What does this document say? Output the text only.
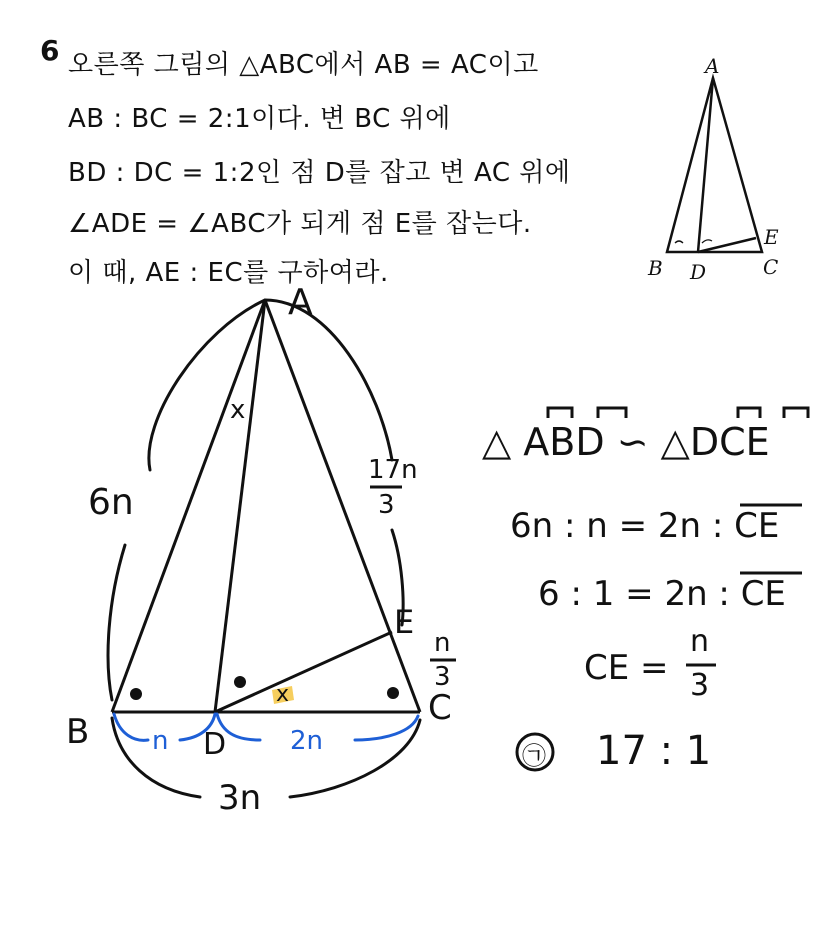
6 오른쪽 그림의 △ABC에서 AB = AC이고
AB : BC = 2:1이다. 변 BC 위에
BD : DC = 1:2인 점 D를 잡고 변 AC 위에
∠ADE = ∠ABC가 되게 점 E를 잡는다.
이 때, AE : EC를 구하여라.
A
B D	C
E
A
B	D
C
E
6n
17n
3
n
3
x
x
n	2n
3n
△ ABD ∽ △DCE
6n : n = 2n : CE
6 : 1 = 2n : CE
CE =
n
3
㉠ 17 : 1
